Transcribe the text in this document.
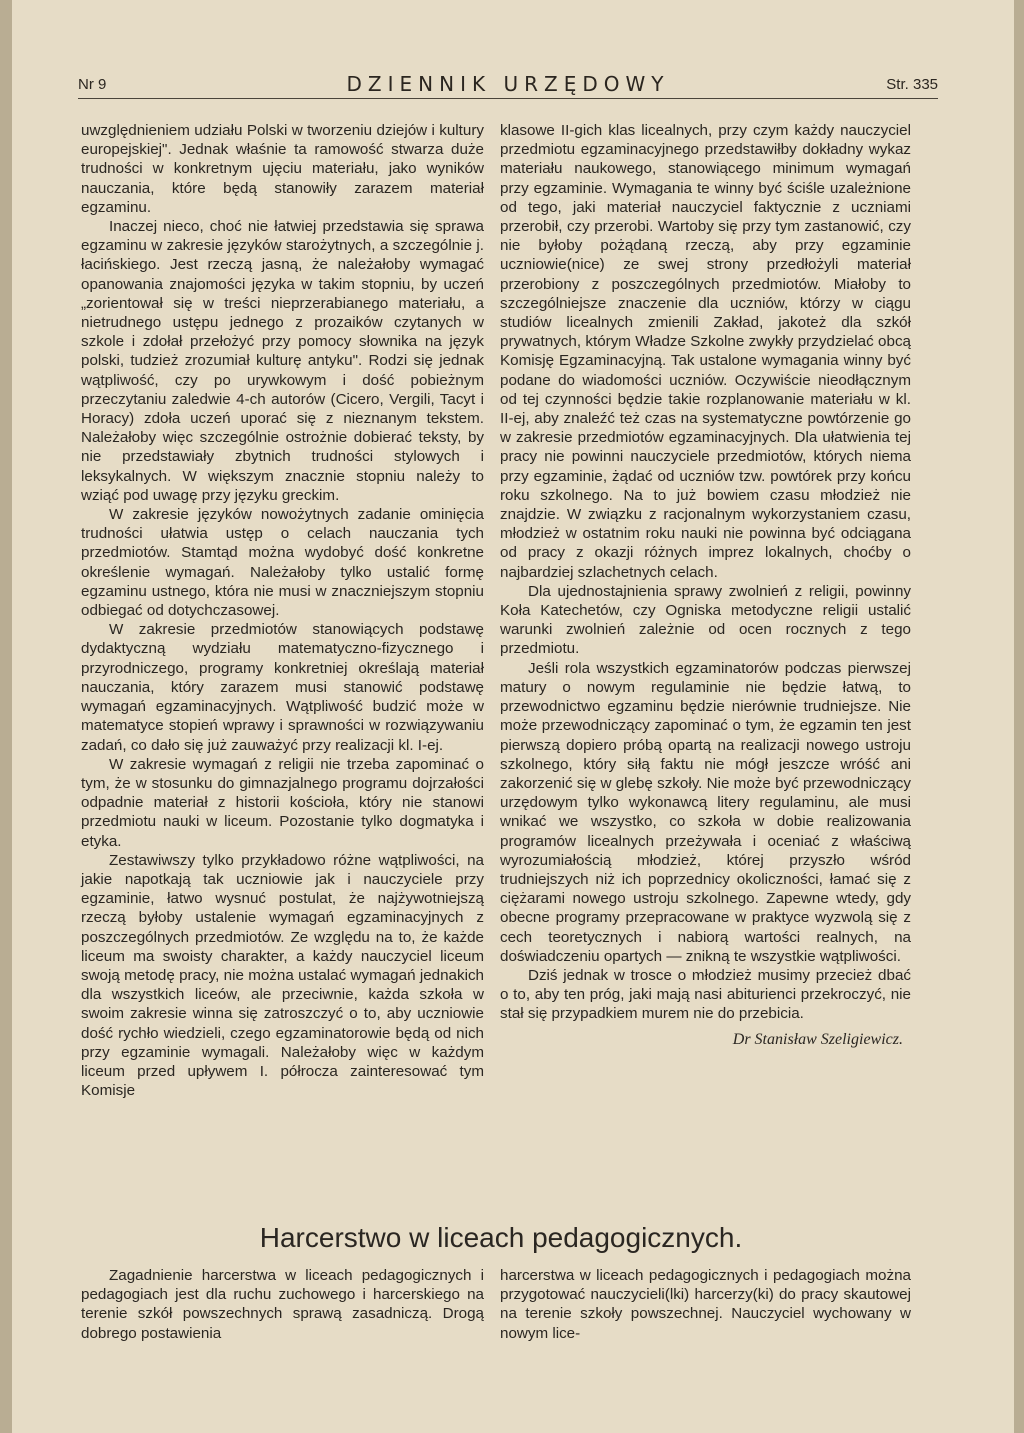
Nr 9	DZIENNIK URZĘDOWY	Str. 335

uwzględnieniem udziału Polski w tworzeniu dziejów i kultury europejskiej". Jednak właśnie ta ramowość stwarza duże trudności w konkretnym ujęciu materiału, jako wyników nauczania, które będą stanowiły zarazem materiał egzaminu.

Inaczej nieco, choć nie łatwiej przedstawia się sprawa egzaminu w zakresie języków starożytnych, a szczególnie j. łacińskiego. Jest rzeczą jasną, że należałoby wymagać opanowania znajomości języka w takim stopniu, by uczeń „zorientował się w treści nieprzerabianego materiału, a nietrudnego ustępu jednego z prozaików czytanych w szkole i zdołał przełożyć przy pomocy słownika na język polski, tudzież zrozumiał kulturę antyku". Rodzi się jednak wątpliwość, czy po urywkowym i dość pobieżnym przeczytaniu zaledwie 4-ch autorów (Cicero, Vergili, Tacyt i Horacy) zdoła uczeń uporać się z nieznanym tekstem. Należałoby więc szczególnie ostrożnie dobierać teksty, by nie przedstawiały zbytnich trudności stylowych i leksykalnych. W większym znacznie stopniu należy to wziąć pod uwagę przy języku greckim.

W zakresie języków nowożytnych zadanie ominięcia trudności ułatwia ustęp o celach nauczania tych przedmiotów. Stamtąd można wydobyć dość konkretne określenie wymagań. Należałoby tylko ustalić formę egzaminu ustnego, która nie musi w znaczniejszym stopniu odbiegać od dotychczasowej.

W zakresie przedmiotów stanowiących podstawę dydaktyczną wydziału matematyczno-fizycznego i przyrodniczego, programy konkretniej określają materiał nauczania, który zarazem musi stanowić podstawę wymagań egzaminacyjnych. Wątpliwość budzić może w matematyce stopień wprawy i sprawności w rozwiązywaniu zadań, co dało się już zauważyć przy realizacji kl. I-ej.

W zakresie wymagań z religii nie trzeba zapominać o tym, że w stosunku do gimnazjalnego programu dojrzałości odpadnie materiał z historii kościoła, który nie stanowi przedmiotu nauki w liceum. Pozostanie tylko dogmatyka i etyka.

Zestawiwszy tylko przykładowo różne wątpliwości, na jakie napotkają tak uczniowie jak i nauczyciele przy egzaminie, łatwo wysnuć postulat, że najżywotniejszą rzeczą byłoby ustalenie wymagań egzaminacyjnych z poszczególnych przedmiotów. Ze względu na to, że każde liceum ma swoisty charakter, a każdy nauczyciel liceum swoją metodę pracy, nie można ustalać wymagań jednakich dla wszystkich liceów, ale przeciwnie, każda szkoła w swoim zakresie winna się zatroszczyć o to, aby uczniowie dość rychło wiedzieli, czego egzaminatorowie będą od nich przy egzaminie wymagali. Należałoby więc w każdym liceum przed upływem I. półrocza zainteresować tym Komisje

klasowe II-gich klas licealnych, przy czym każdy nauczyciel przedmiotu egzaminacyjnego przedstawiłby dokładny wykaz materiału naukowego, stanowiącego minimum wymagań przy egzaminie. Wymagania te winny być ściśle uzależnione od tego, jaki materiał nauczyciel faktycznie z uczniami przerobił, czy przerobi. Wartoby się przy tym zastanowić, czy nie byłoby pożądaną rzeczą, aby przy egzaminie uczniowie(nice) ze swej strony przedłożyli materiał przerobiony z poszczególnych przedmiotów. Miałoby to szczególniejsze znaczenie dla uczniów, którzy w ciągu studiów licealnych zmienili Zakład, jakoteż dla szkół prywatnych, którym Władze Szkolne zwykły przydzielać obcą Komisję Egzaminacyjną. Tak ustalone wymagania winny być podane do wiadomości uczniów. Oczywiście nieodłącznym od tej czynności będzie takie rozplanowanie materiału w kl. II-ej, aby znaleźć też czas na systematyczne powtórzenie go w zakresie przedmiotów egzaminacyjnych. Dla ułatwienia tej pracy nie powinni nauczyciele przedmiotów, których niema przy egzaminie, żądać od uczniów tzw. powtórek przy końcu roku szkolnego. Na to już bowiem czasu młodzież nie znajdzie. W związku z racjonalnym wykorzystaniem czasu, młodzież w ostatnim roku nauki nie powinna być odciągana od pracy z okazji różnych imprez lokalnych, choćby o najbardziej szlachetnych celach.

Dla ujednostajnienia sprawy zwolnień z religii, powinny Koła Katechetów, czy Ogniska metodyczne religii ustalić warunki zwolnień zależnie od ocen rocznych z tego przedmiotu.

Jeśli rola wszystkich egzaminatorów podczas pierwszej matury o nowym regulaminie nie będzie łatwą, to przewodnictwo egzaminu będzie nierównie trudniejsze. Nie może przewodniczący zapominać o tym, że egzamin ten jest pierwszą dopiero próbą opartą na realizacji nowego ustroju szkolnego, który siłą faktu nie mógł jeszcze wróść ani zakorzenić się w glebę szkoły. Nie może być przewodniczący urzędowym tylko wykonawcą litery regulaminu, ale musi wnikać we wszystko, co szkoła w dobie realizowania programów licealnych przeżywała i oceniać z właściwą wyrozumiałością młodzież, której przyszło wśród trudniejszych niż ich poprzednicy okoliczności, łamać się z ciężarami nowego ustroju szkolnego. Zapewne wtedy, gdy obecne programy przepracowane w praktyce wyzwolą się z cech teoretycznych i nabiorą wartości realnych, na doświadczeniu opartych — znikną te wszystkie wątpliwości.

Dziś jednak w trosce o młodzież musimy przecież dbać o to, aby ten próg, jaki mają nasi abiturienci przekroczyć, nie stał się przypadkiem murem nie do przebicia.

Dr Stanisław Szeligiewicz.
Harcerstwo w liceach pedagogicznych.

Zagadnienie harcerstwa w liceach pedagogicznych i pedagogiach jest dla ruchu zuchowego i harcerskiego na terenie szkół powszechnych sprawą zasadniczą. Drogą dobrego postawienia

harcerstwa w liceach pedagogicznych i pedagogiach można przygotować nauczycieli(lki) harcerzy(ki) do pracy skautowej na terenie szkoły powszechnej. Nauczyciel wychowany w nowym lice-
